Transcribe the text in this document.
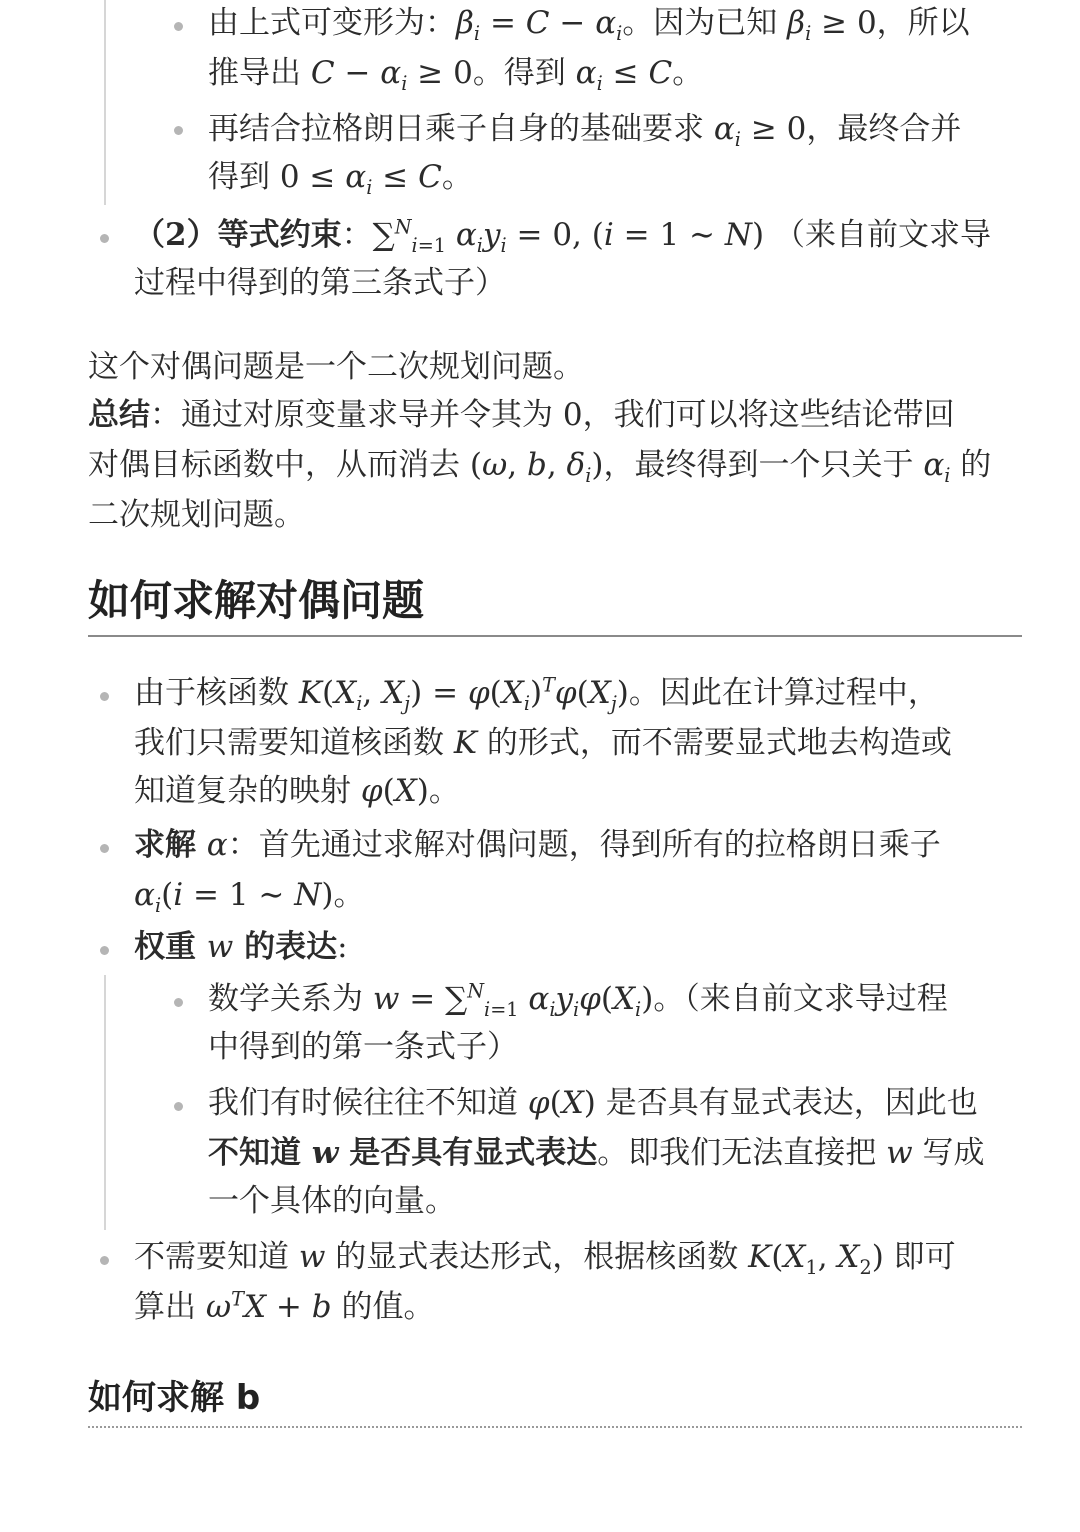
由上式可变形为：$\beta_i = C - \alpha_i$。因为已知 $\beta_i \ge 0$，所以
推导出 $C - \alpha_i \ge 0$。得到 $\alpha_i \le C$。
再结合拉格朗日乘子自身的基础要求 $\alpha_i \ge 0$，最终合并
得到 $0 \le \alpha_i \le C$。
（2）等式约束：∑$^N_{i=1}$ $\alpha_iy_i = 0$, (i = 1 ∼ N) （来自前文求导
过程中得到的第三条式子）
这个对偶问题是一个二次规划问题。
总结：通过对原变量求导并令其为 0，我们可以将这些结论带回
对偶目标函数中，从而消去 (ω, b, $\delta_i$)，最终得到一个只关于 $\alpha_i$ 的
二次规划问题。
如何求解对偶问题
由于核函数 $K(X_i$, $X_j) = \varphi(X_i)^T\varphi(X_j)$。因此在计算过程中，
我们只需要知道核函数 K 的形式，而不需要显式地去构造或
知道复杂的映射 φ(X)。
求解 α：首先通过求解对偶问题，得到所有的拉格朗日乘子
$\alpha_i(i = 1$ ∼ N)。
权重 w 的表达:
数学关系为 w = ∑$^N_{i=1}$ $\alpha_iy_i\varphi(X_i)$。（来自前文求导过程
中得到的第一条式子）
我们有时候往往不知道 φ(X) 是否具有显式表达，因此也
不知道 w 是否具有显式表达。即我们无法直接把 w 写成
一个具体的向量。
不需要知道 w 的显式表达形式，根据核函数 $K(X_1$, $X_2$) 即可
算出 $\omega^TX + b$ 的值。
如何求解 b
